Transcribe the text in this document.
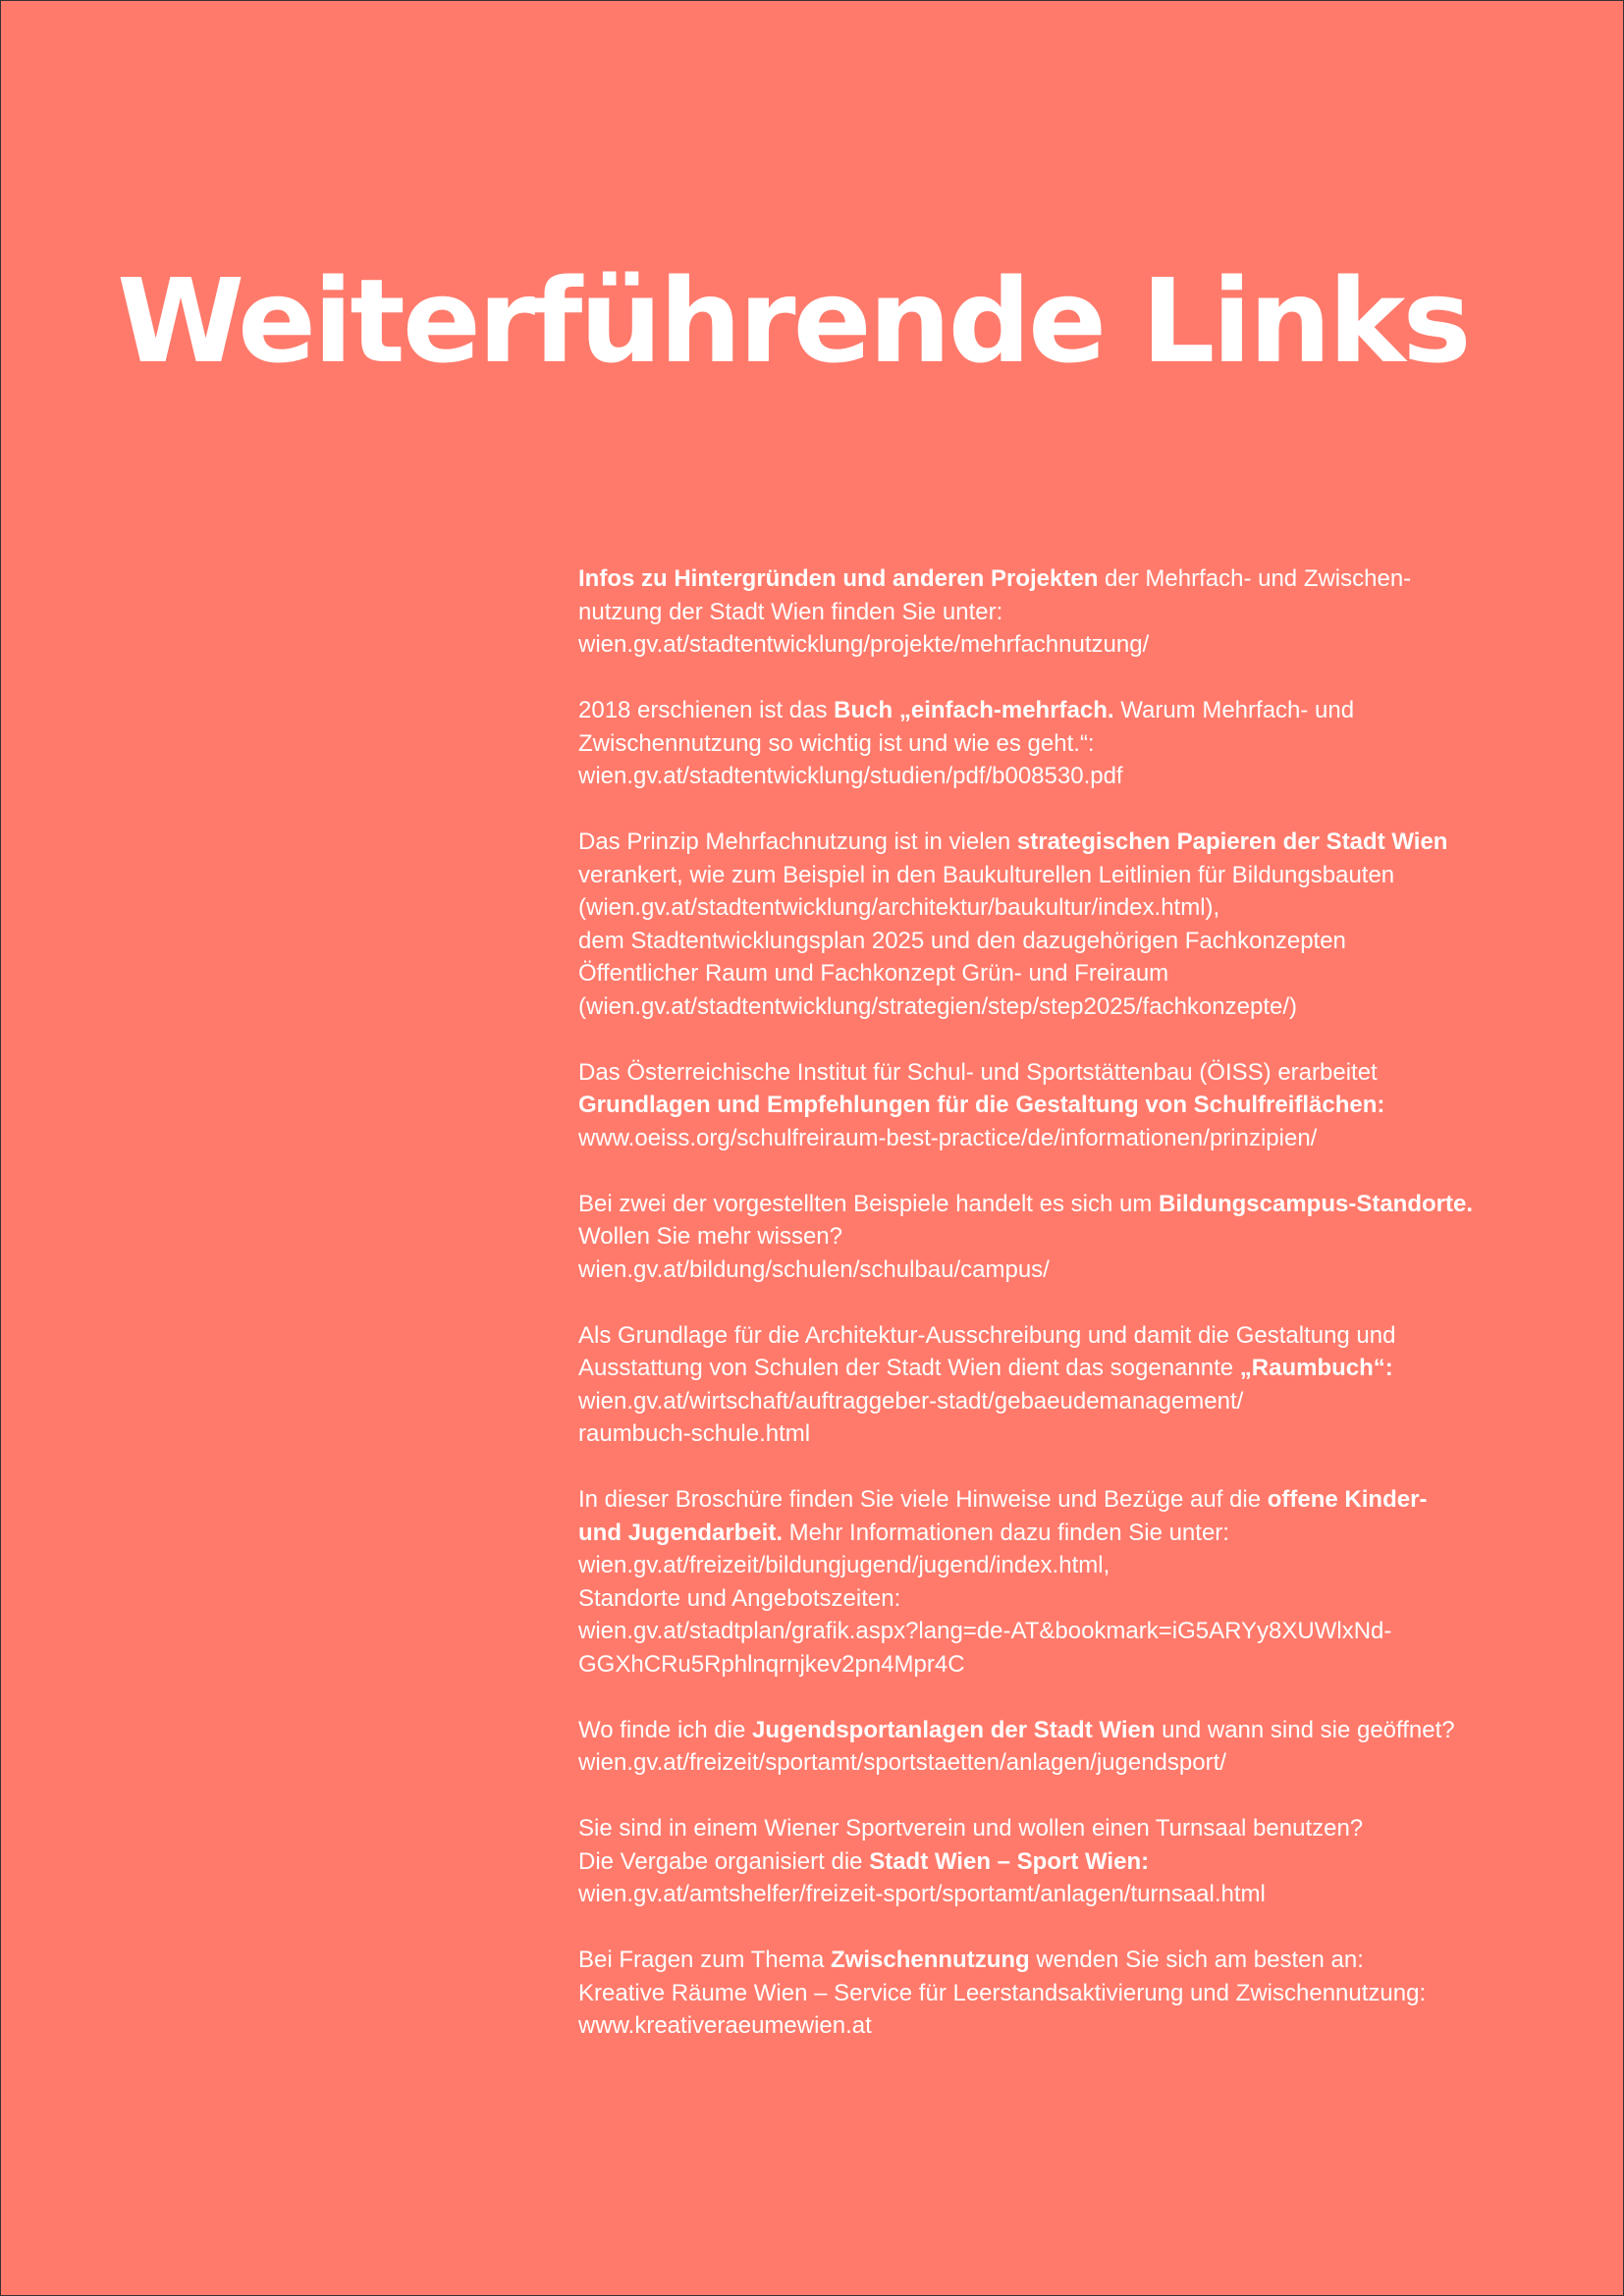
Weiterführende Links

Infos zu Hintergründen und anderen Projekten der Mehrfach- und Zwischen-
nutzung der Stadt Wien finden Sie unter:
wien.gv.at/stadtentwicklung/projekte/mehrfachnutzung/

2018 erschienen ist das Buch „einfach-mehrfach. Warum Mehrfach- und
Zwischennutzung so wichtig ist und wie es geht.“:
wien.gv.at/stadtentwicklung/studien/pdf/b008530.pdf

Das Prinzip Mehrfachnutzung ist in vielen strategischen Papieren der Stadt Wien
verankert, wie zum Beispiel in den Baukulturellen Leitlinien für Bildungsbauten
(wien.gv.at/stadtentwicklung/architektur/baukultur/index.html),
dem Stadtentwicklungsplan 2025 und den dazugehörigen Fachkonzepten
Öffentlicher Raum und Fachkonzept Grün- und Freiraum
(wien.gv.at/stadtentwicklung/strategien/step/step2025/fachkonzepte/)

Das Österreichische Institut für Schul- und Sportstättenbau (ÖISS) erarbeitet
Grundlagen und Empfehlungen für die Gestaltung von Schulfreiflächen:
www.oeiss.org/schulfreiraum-best-practice/de/informationen/prinzipien/

Bei zwei der vorgestellten Beispiele handelt es sich um Bildungscampus-Standorte.
Wollen Sie mehr wissen?
wien.gv.at/bildung/schulen/schulbau/campus/

Als Grundlage für die Architektur-Ausschreibung und damit die Gestaltung und
Ausstattung von Schulen der Stadt Wien dient das sogenannte „Raumbuch“:
wien.gv.at/wirtschaft/auftraggeber-stadt/gebaeudemanagement/
raumbuch-schule.html

In dieser Broschüre finden Sie viele Hinweise und Bezüge auf die offene Kinder-
und Jugendarbeit. Mehr Informationen dazu finden Sie unter:
wien.gv.at/freizeit/bildungjugend/jugend/index.html,
Standorte und Angebotszeiten:
wien.gv.at/stadtplan/grafik.aspx?lang=de-AT&bookmark=iG5ARYy8XUWlxNd-
GGXhCRu5Rphlnqrnjkev2pn4Mpr4C

Wo finde ich die Jugendsportanlagen der Stadt Wien und wann sind sie geöffnet?
wien.gv.at/freizeit/sportamt/sportstaetten/anlagen/jugendsport/

Sie sind in einem Wiener Sportverein und wollen einen Turnsaal benutzen?
Die Vergabe organisiert die Stadt Wien – Sport Wien:
wien.gv.at/amtshelfer/freizeit-sport/sportamt/anlagen/turnsaal.html

Bei Fragen zum Thema Zwischennutzung wenden Sie sich am besten an:
Kreative Räume Wien – Service für Leerstandsaktivierung und Zwischennutzung:
www.kreativeraeumewien.at
